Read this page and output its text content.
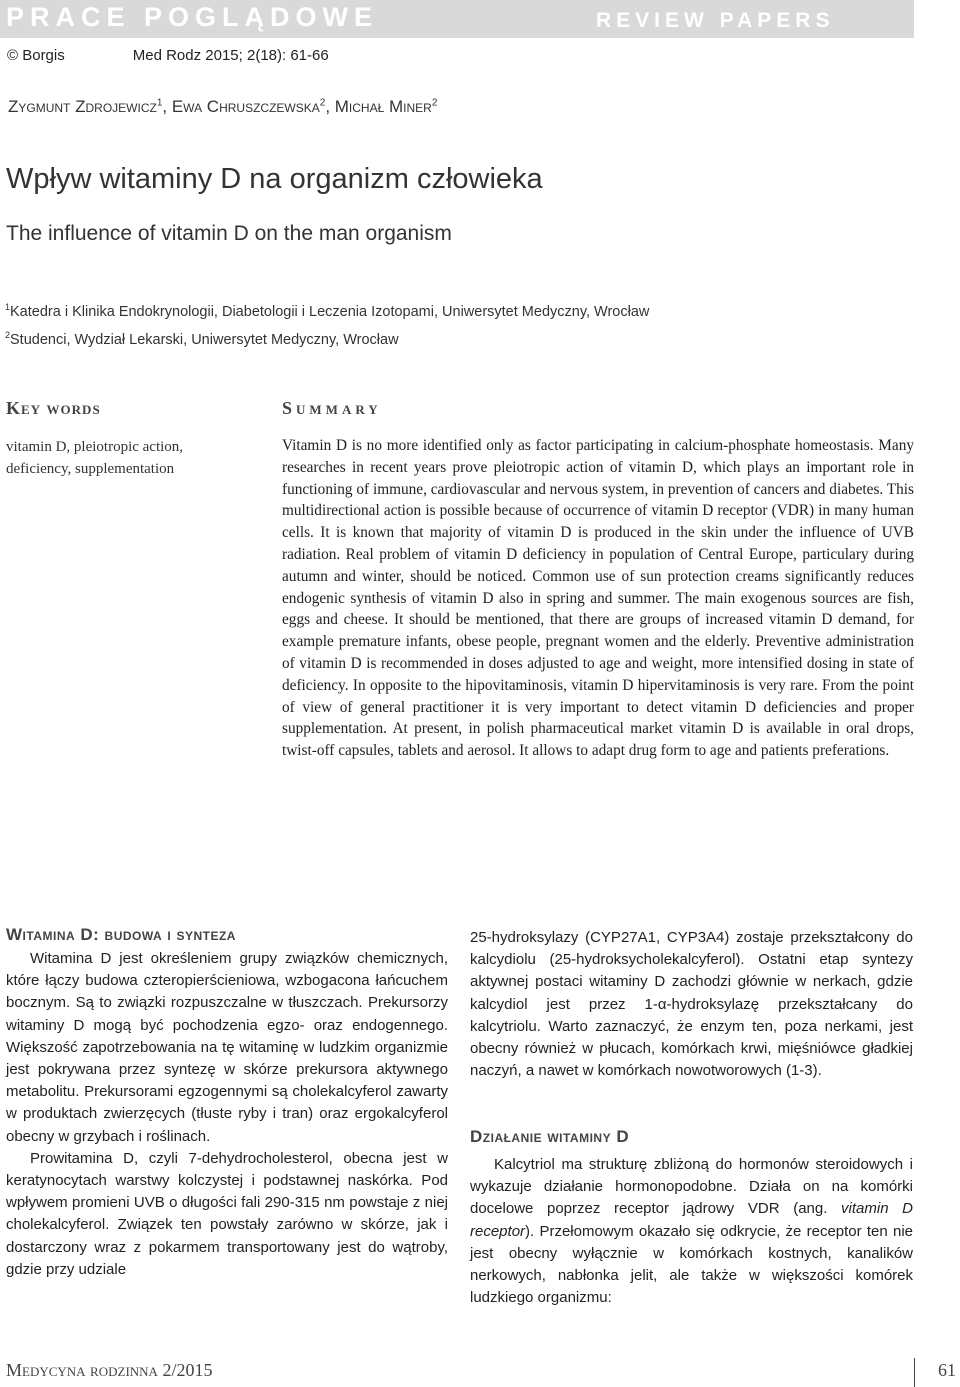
PRACE POGLĄDOWE	REVIEW PAPERS
© Borgis	Med Rodz 2015; 2(18): 61-66
Zygmunt Zdrojewicz$^1$, Ewa Chruszczewska$^2$, Michał Miner$^2$
Wpływ witaminy D na organizm człowieka
The influence of vitamin D on the man organism
$^1$Katedra i Klinika Endokrynologii, Diabetologii i Leczenia Izotopami, Uniwersytet Medyczny, Wrocław
$^2$Studenci, Wydział Lekarski, Uniwersytet Medyczny, Wrocław
Key words
vitamin D, pleiotropic action, deficiency, supplementation
Summary
Vitamin D is no more identified only as factor participating in calcium-phosphate homeostasis. Many researches in recent years prove pleiotropic action of vitamin D, which plays an important role in functioning of immune, cardiovascular and nervous system, in prevention of cancers and diabetes. This multidirectional action is possible because of occurrence of vitamin D receptor (VDR) in many human cells. It is known that majority of vitamin D is produced in the skin under the influence of UVB radiation. Real problem of vitamin D deficiency in population of Central Europe, particulary during autumn and winter, should be noticed. Common use of sun protection creams significantly reduces endogenic synthesis of vitamin D also in spring and summer. The main exogenous sources are fish, eggs and cheese. It should be mentioned, that there are groups of increased vitamin D demand, for example premature infants, obese people, pregnant women and the elderly. Preventive administration of vitamin D is recommended in doses adjusted to age and weight, more intensified dosing in state of deficiency. In opposite to the hipovitaminosis, vitamin D hipervitaminosis is very rare. From the point of view of general practitioner it is very important to detect vitamin D deficiencies and proper supplementation. At present, in polish pharmaceutical market vitamin D is available in oral drops, twist-off capsules, tablets and aerosol. It allows to adapt drug form to age and patients preferations.
Witamina D: budowa i synteza

Witamina D jest określeniem grupy związków chemicznych, które łączy budowa czteropierścieniowa, wzbogacona łańcuchem bocznym. Są to związki rozpuszczalne w tłuszczach. Prekursorzy witaminy D mogą być pochodzenia egzo- oraz endogennego. Większość zapotrzebowania na tę witaminę w ludzkim organizmie jest pokrywana przez syntezę w skórze prekursora aktywnego metabolitu. Prekursorami egzogennymi są cholekalcyferol zawarty w produktach zwierzęcych (tłuste ryby i tran) oraz ergokalcyferol obecny w grzybach i roślinach.

Prowitamina D, czyli 7-dehydrocholesterol, obecna jest w keratynocytach warstwy kolczystej i podstawnej naskórka. Pod wpływem promieni UVB o długości fali 290-315 nm powstaje z niej cholekalcyferol. Związek ten powstały zarówno w skórze, jak i dostarczony wraz z pokarmem transportowany jest do wątroby, gdzie przy udziale

25-hydroksylazy (CYP27A1, CYP3A4) zostaje przekształcony do kalcydiolu (25-hydroksycholekalcyferol). Ostatni etap syntezy aktywnej postaci witaminy D zachodzi głównie w nerkach, gdzie kalcydiol jest przez 1-α-hydroksylazę przekształcany do kalcytriolu. Warto zaznaczyć, że enzym ten, poza nerkami, jest obecny również w płucach, komórkach krwi, mięśniówce gładkiej naczyń, a nawet w komórkach nowotworowych (1-3).

Działanie witaminy D

Kalcytriol ma strukturę zbliżoną do hormonów steroidowych i wykazuje działanie hormonopodobne. Działa on na komórki docelowe poprzez receptor jądrowy VDR (ang. vitamin D receptor). Przełomowym okazało się odkrycie, że receptor ten nie jest obecny wyłącznie w komórkach kostnych, kanalików nerkowych, nabłonka jelit, ale także w większości komórek ludzkiego organizmu:

Medycyna rodzinna 2/2015	61
